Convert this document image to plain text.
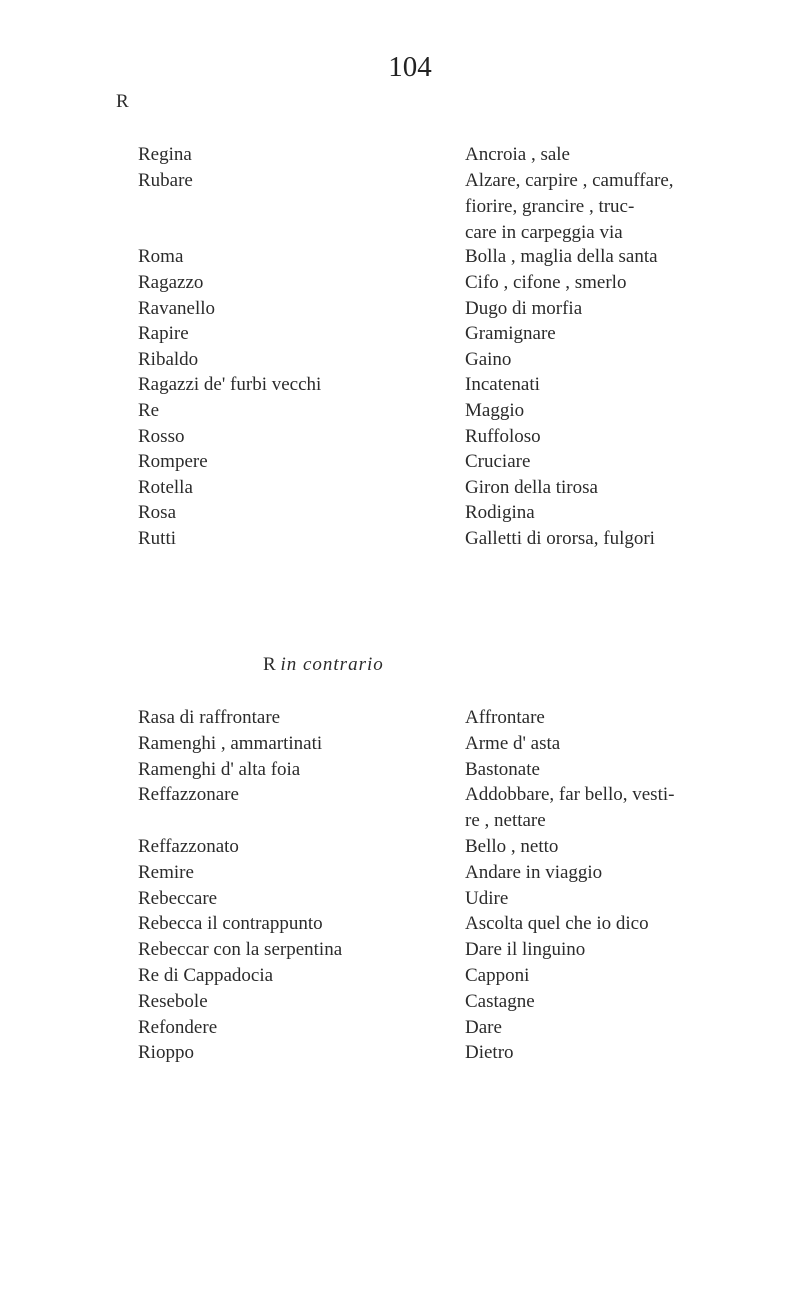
104
R
Regina	Ancroia , sale
Rubare	Alzare, carpire , camuffare,
fiorire, grancire , truc-
care in carpeggia via
Roma	Bolla , maglia della santa
Ragazzo	Cifo , cifone , smerlo
Ravanello	Dugo di morfia
Rapire	Gramignare
Ribaldo	Gaino
Ragazzi de' furbi vecchi	Incatenati
Re	Maggio
Rosso	Ruffoloso
Rompere	Cruciare
Rotella	Giron della tirosa
Rosa	Rodigina
Rutti	Galletti di ororsa, fulgori
R in contrario
Rasa di raffrontare	Affrontare
Ramenghi , ammartinati	Arme d' asta
Ramenghi d' alta foia	Bastonate
Reffazzonare	Addobbare, far bello, vesti-
re , nettare
Reffazzonato	Bello , netto
Remire	Andare in viaggio
Rebeccare	Udire
Rebecca il contrappunto	Ascolta quel che io dico
Rebeccar con la serpentina	Dare il linguino
Re di Cappadocia	Capponi
Resebole	Castagne
Refondere	Dare
Rioppo	Dietro
